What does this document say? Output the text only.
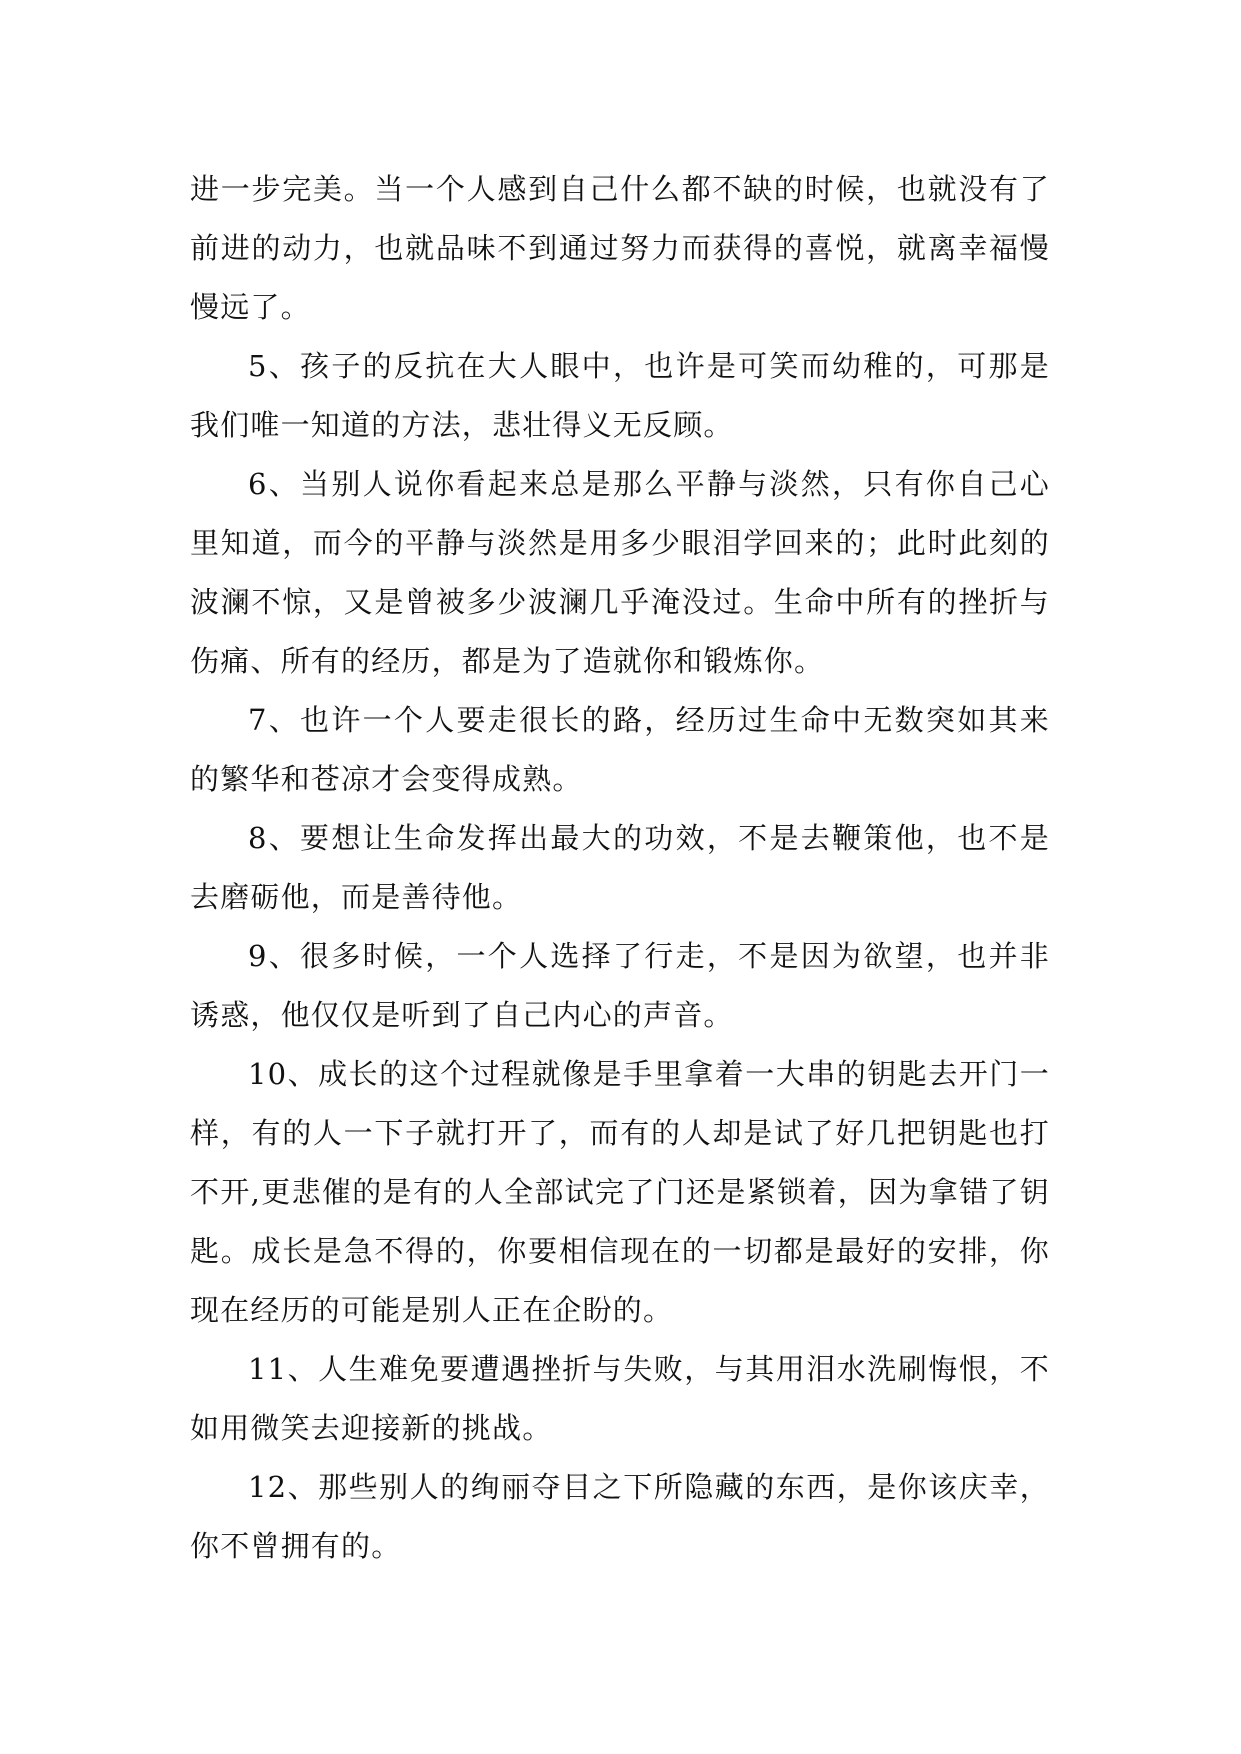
进一步完美。当一个人感到自己什么都不缺的时候，也就没有了前进的动力，也就品味不到通过努力而获得的喜悦，就离幸福慢慢远了。

5、孩子的反抗在大人眼中，也许是可笑而幼稚的，可那是我们唯一知道的方法，悲壮得义无反顾。

6、当别人说你看起来总是那么平静与淡然，只有你自己心里知道，而今的平静与淡然是用多少眼泪学回来的；此时此刻的波澜不惊，又是曾被多少波澜几乎淹没过。生命中所有的挫折与伤痛、所有的经历，都是为了造就你和锻炼你。

7、也许一个人要走很长的路，经历过生命中无数突如其来的繁华和苍凉才会变得成熟。

8、要想让生命发挥出最大的功效，不是去鞭策他，也不是去磨砺他，而是善待他。

9、很多时候，一个人选择了行走，不是因为欲望，也并非诱惑，他仅仅是听到了自己内心的声音。

10、成长的这个过程就像是手里拿着一大串的钥匙去开门一样，有的人一下子就打开了，而有的人却是试了好几把钥匙也打不开,更悲催的是有的人全部试完了门还是紧锁着，因为拿错了钥匙。成长是急不得的，你要相信现在的一切都是最好的安排，你现在经历的可能是别人正在企盼的。

11、人生难免要遭遇挫折与失败，与其用泪水洗刷悔恨，不如用微笑去迎接新的挑战。

12、那些别人的绚丽夺目之下所隐藏的东西，是你该庆幸，你不曾拥有的。
